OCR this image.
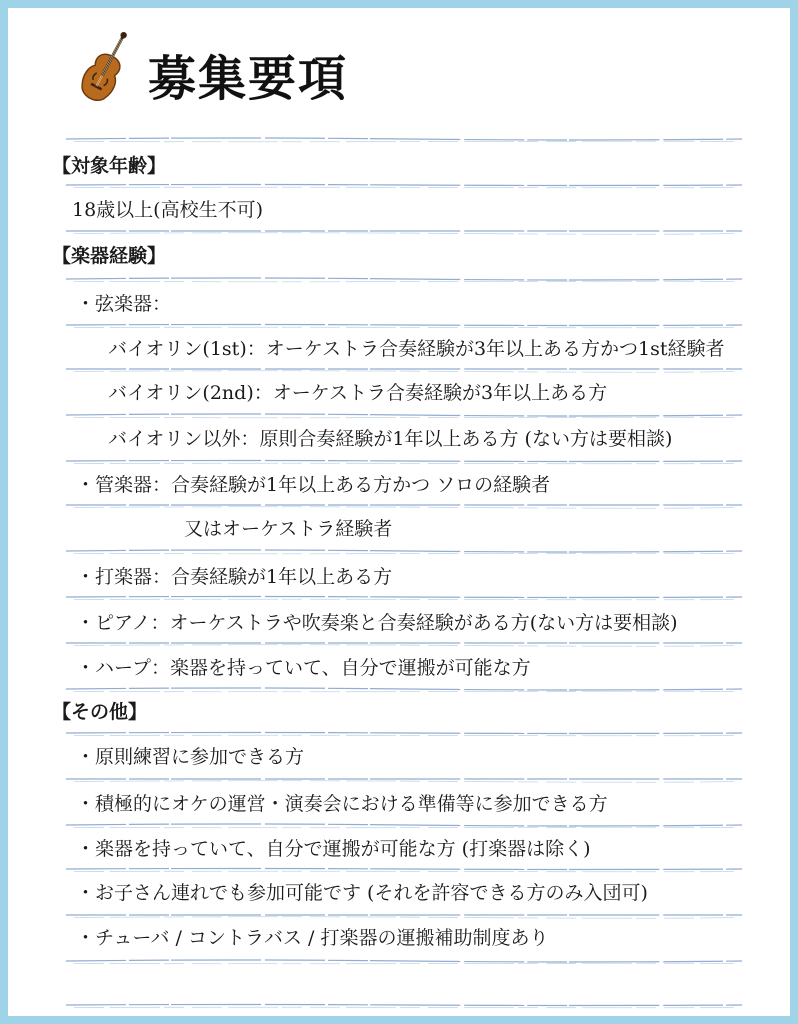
募集要項
【対象年齢】
18歳以上(高校生不可)
【楽器経験】
・弦楽器：
バイオリン(1st)：オーケストラ合奏経験が3年以上ある方かつ1st経験者
バイオリン(2nd)：オーケストラ合奏経験が3年以上ある方
バイオリン以外：原則合奏経験が1年以上ある方 (ない方は要相談)
・管楽器：合奏経験が1年以上ある方かつ ソロの経験者
又はオーケストラ経験者
・打楽器：合奏経験が1年以上ある方
・ピアノ：オーケストラや吹奏楽と合奏経験がある方(ない方は要相談)
・ハープ：楽器を持っていて、自分で運搬が可能な方
【その他】
・原則練習に参加できる方
・積極的にオケの運営・演奏会における準備等に参加できる方
・楽器を持っていて、自分で運搬が可能な方 (打楽器は除く)
・お子さん連れでも参加可能です (それを許容できる方のみ入団可)
・チューバ / コントラバス / 打楽器の運搬補助制度あり
